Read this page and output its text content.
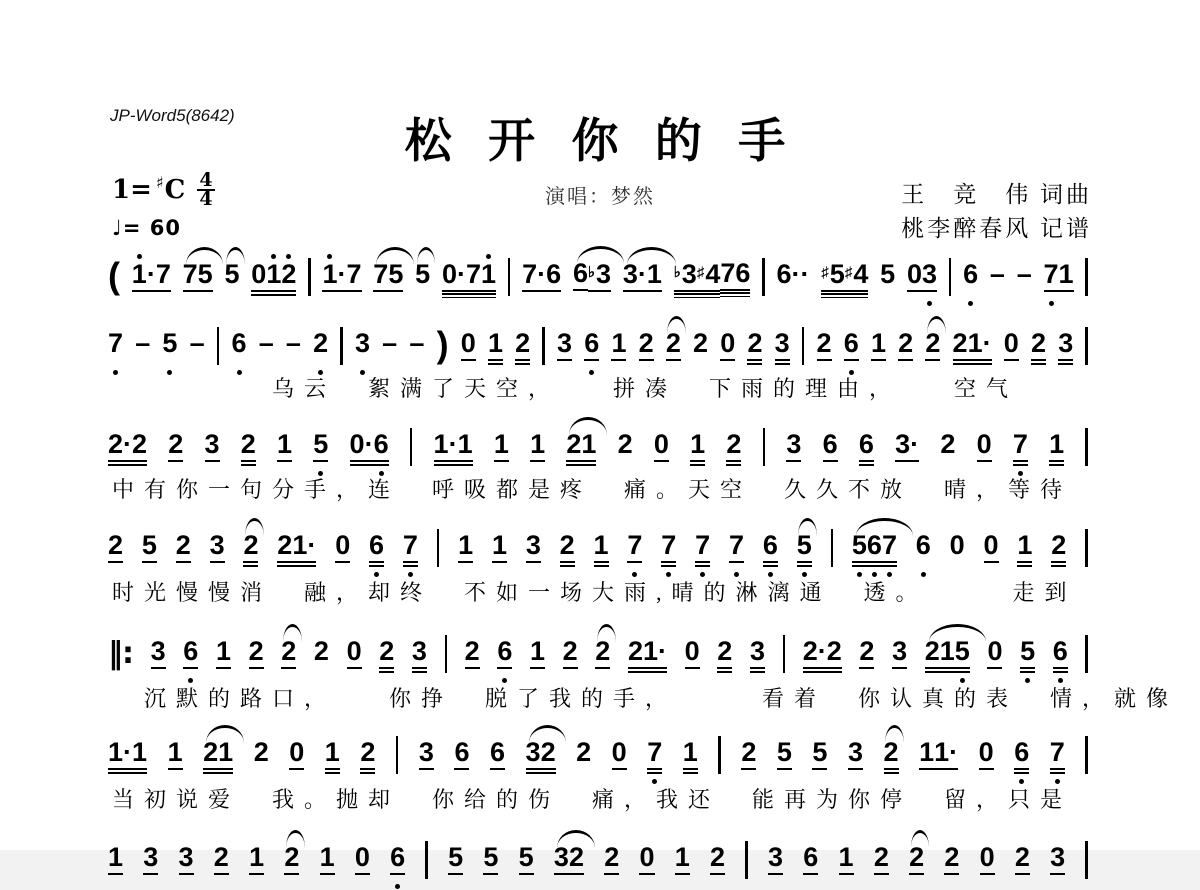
JP-Word5(8642)	松 开 你 的 手
演唱：梦然
1= ♯ C $\frac{4}{4}$
♩= 60
王　竞　伟 词曲
桃李醉春风 记谱
( 1 · 7 7 5 5 0 1 2 1 · 7 7 5 5 0 · 7 1 7 · 6 6 ♭3 3 · 1 ♭3 ♯4 7 6 6 · · ♯5 ♯4 5 0 3 6 – – 7 1
7 – 5 – 6 – – 2 3 – – ) 0 1 2 3 6 1 2 2 2 0 2 3 2 6 1 2 2 2 1 · 0 2 3
　　　　　乌云　絮满了天空，　　拼凑　下雨的理由，　　空气
2 · 2 2 3 2 1 5 0 · 6 1 · 1 1 1 2 1 2 0 1 2 3 6 6 3 · 2 0 7 1
中有你一句分手，连　呼吸都是疼　痛。天空　久久不放　晴，等待
2 5 2 3 2 2 1 · 0 6 7 1 1 3 2 1 7 7 7 7 6 5 5 6 7 6 0 0 1 2
时光慢慢消　融，却终　不如一场大雨,晴的淋漓通　透。　　　走到
‖: 3 6 1 2 2 2 0 2 3 2 6 1 2 2 2 1 · 0 2 3 2 · 2 2 3 2 1 5 0 5 6
　沉默的路口，　　你挣　脱了我的手，　　　看着　你认真的表　情，就像
1 · 1 1 2 1 2 0 1 2 3 6 6 3 2 2 0 7 1 2 5 5 3 2 1 1 · 0 6 7
当初说爱　我。抛却　你给的伤　痛，我还　能再为你停　留，只是
1 3 3 2 1 2 1 0 6 5 5 5 3 2 2 0 1 2 3 6 1 2 2 2 0 2 3
